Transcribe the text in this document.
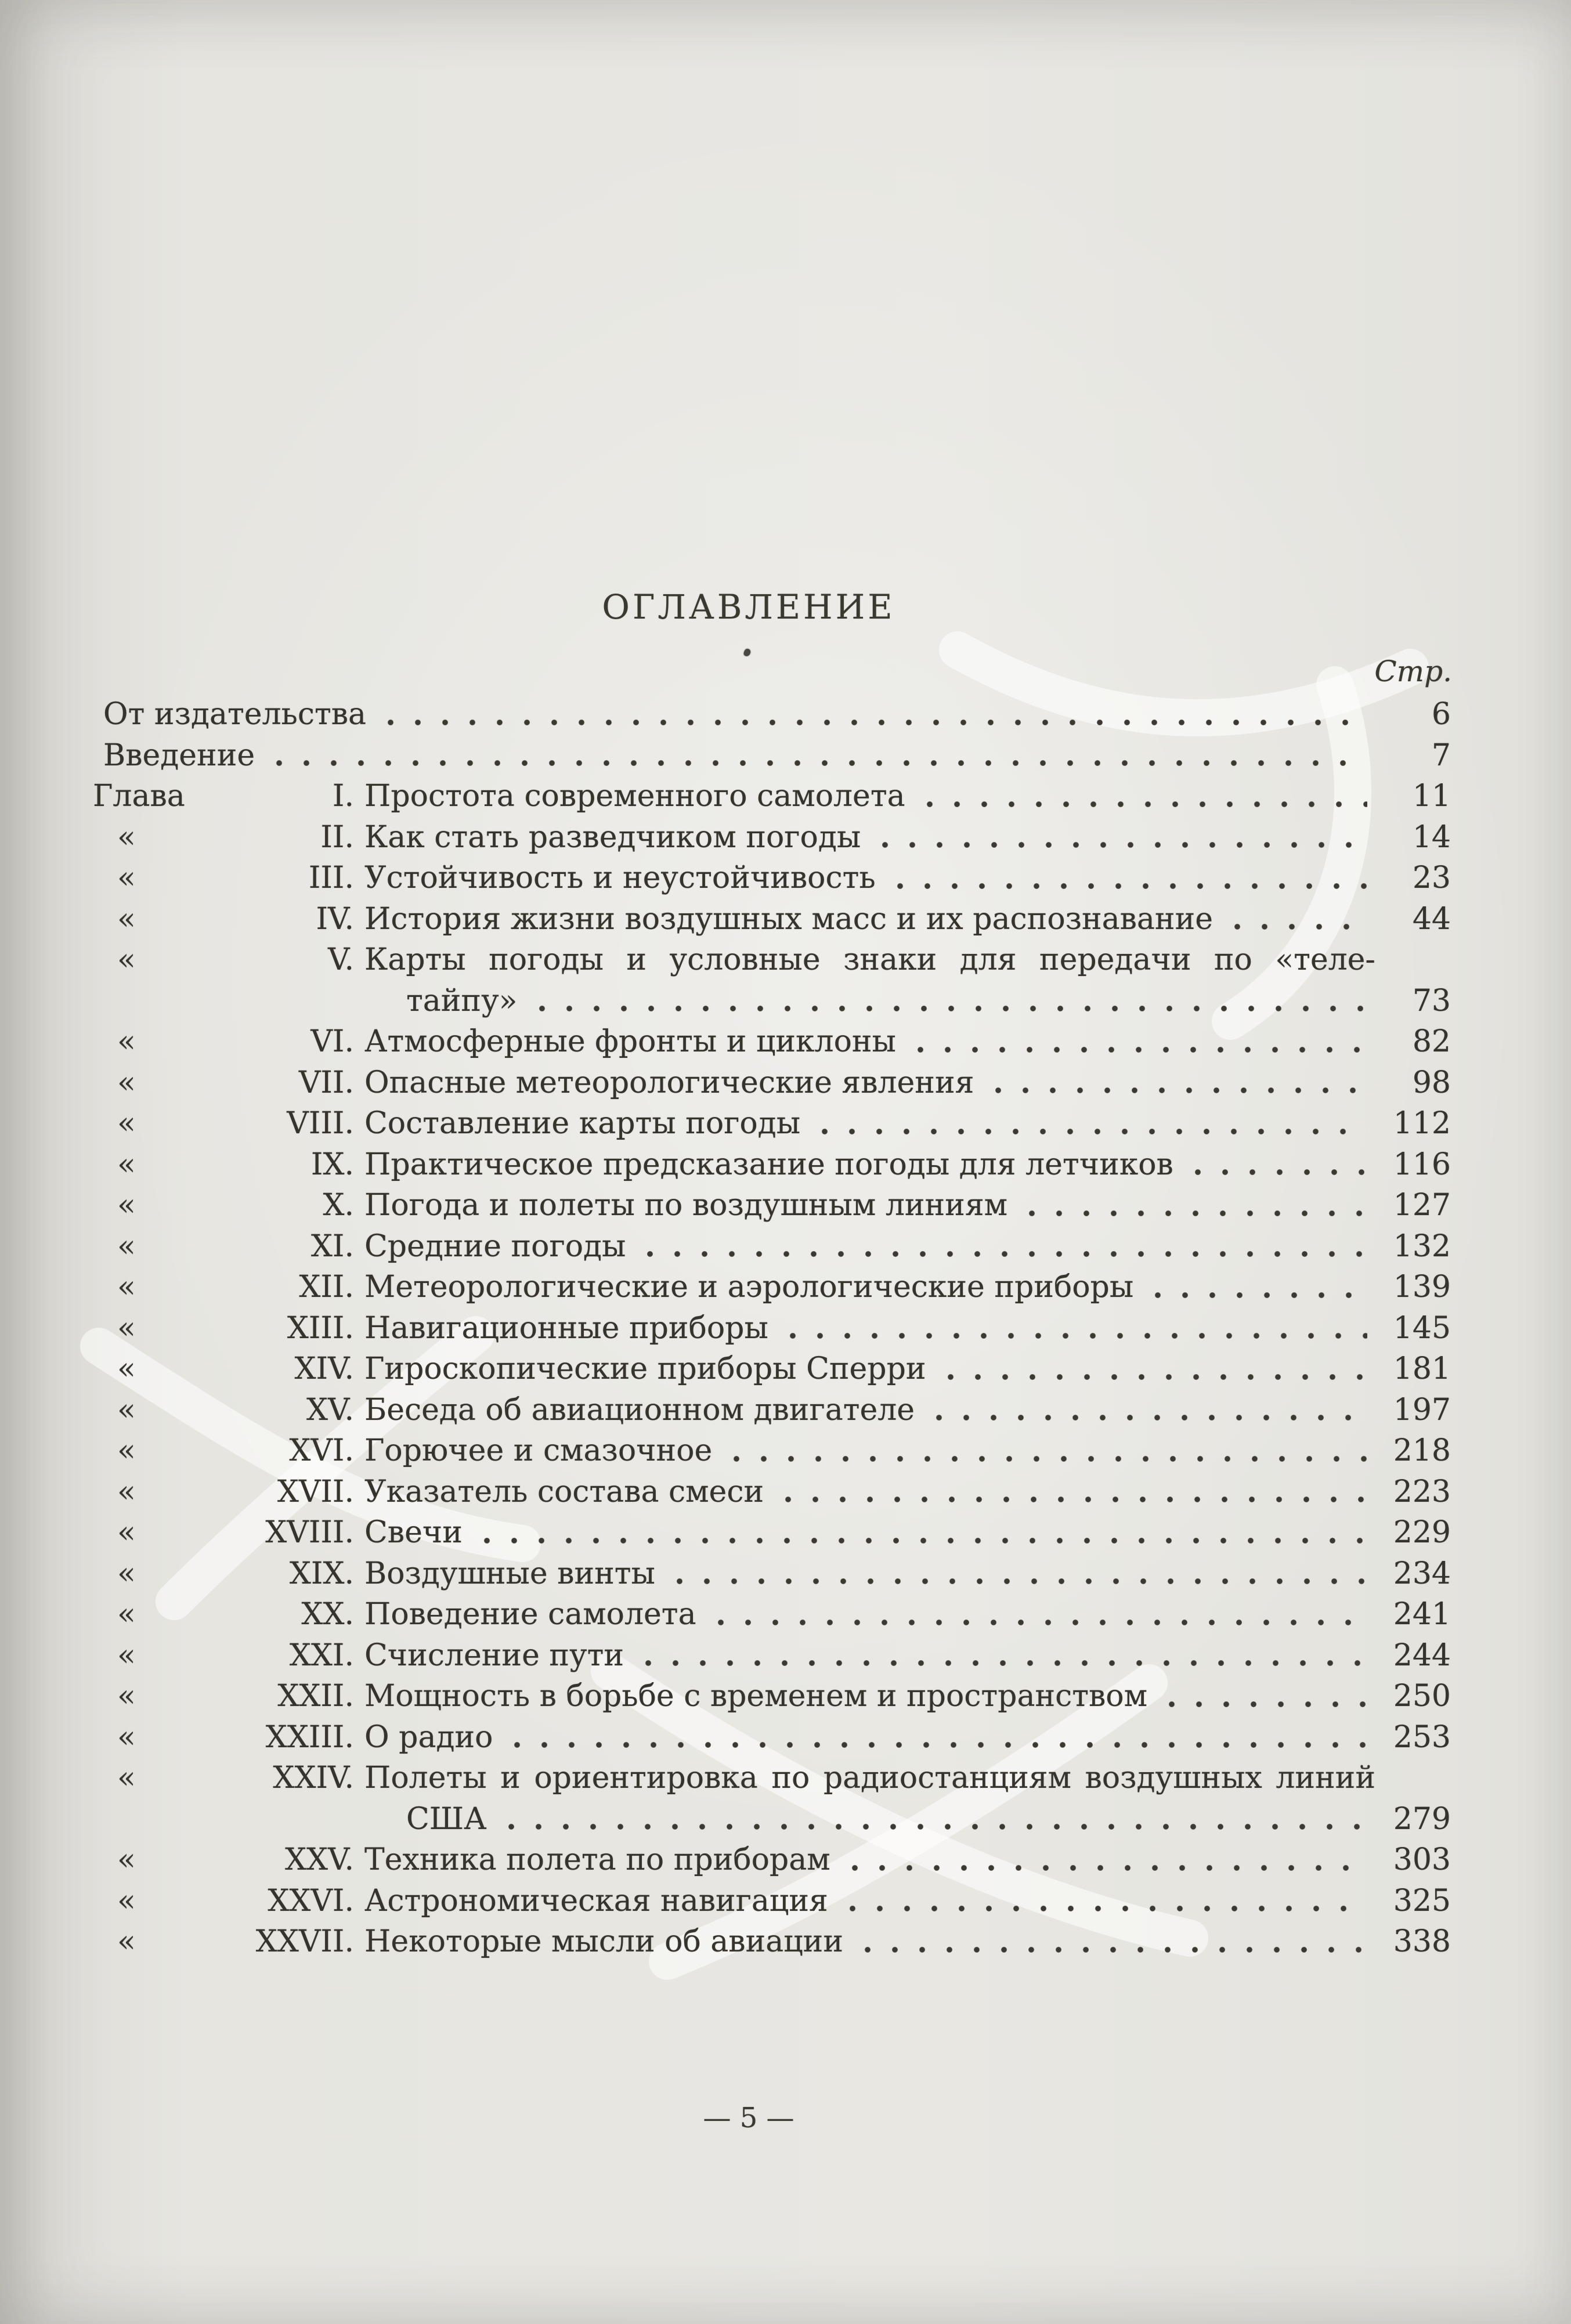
ОГЛАВЛЕНИЕ
Стр.
От издательства	6
Введение	7
Глава	I. Простота современного самолета	11
«	II. Как стать разведчиком погоды	14
«	III. Устойчивость и неустойчивость	23
«	IV. История жизни воздушных масс и их распознавание	44
«	V. Карты погоды и условные знаки для передачи по «теле-
тайпу»	73
«	VI. Атмосферные фронты и циклоны	82
«	VII. Опасные метеорологические явления	98
«	VIII. Составление карты погоды	112
«	IX. Практическое предсказание погоды для летчиков	116
«	X. Погода и полеты по воздушным линиям	127
«	XI. Средние погоды	132
«	XII. Метеорологические и аэрологические приборы	139
«	XIII. Навигационные приборы	145
«	XIV. Гироскопические приборы Сперри	181
«	XV. Беседа об авиационном двигателе	197
«	XVI. Горючее и смазочное	218
«	XVII. Указатель состава смеси	223
«	XVIII. Свечи	229
«	XIX. Воздушные винты	234
«	XX. Поведение самолета	241
«	XXI. Счисление пути	244
«	XXII. Мощность в борьбе с временем и пространством	250
«	XXIII. О радио	253
«	XXIV. Полеты и ориентировка по радиостанциям воздушных линий
США	279
«	XXV. Техника полета по приборам	303
«	XXVI. Астрономическая навигация	325
«	XXVII. Некоторые мысли об авиации	338
— 5 —
